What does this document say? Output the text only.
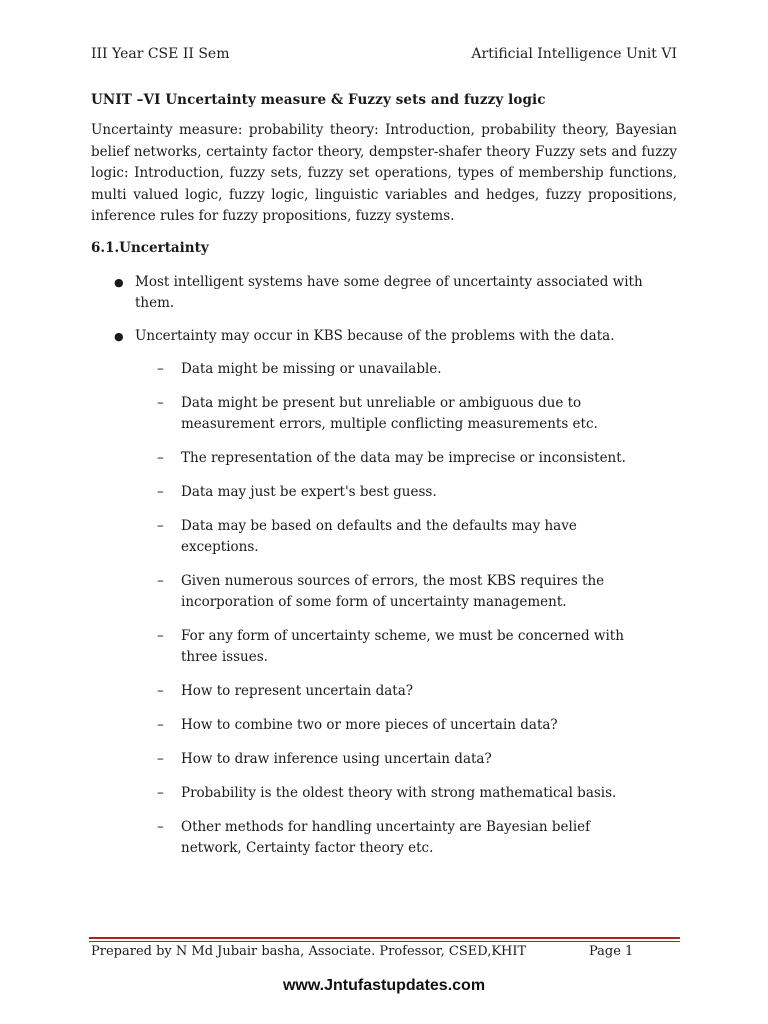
III Year CSE II Sem	Artificial Intelligence Unit VI
UNIT –VI Uncertainty measure & Fuzzy sets and fuzzy logic

Uncertainty measure: probability theory: Introduction, probability theory, Bayesian belief networks, certainty factor theory, dempster-shafer theory Fuzzy sets and fuzzy logic: Introduction, fuzzy sets, fuzzy set operations, types of membership functions, multi valued logic, fuzzy logic, linguistic variables and hedges, fuzzy propositions, inference rules for fuzzy propositions, fuzzy systems.

6.1.Uncertainty
● Most intelligent systems have some degree of uncertainty associated with them.
● Uncertainty may occur in KBS because of the problems with the data.
– Data might be missing or unavailable.
– Data might be present but unreliable or ambiguous due to measurement errors, multiple conflicting measurements etc.
– The representation of the data may be imprecise or inconsistent.
– Data may just be expert's best guess.
– Data may be based on defaults and the defaults may have exceptions.
– Given numerous sources of errors, the most KBS requires the incorporation of some form of uncertainty management.
– For any form of uncertainty scheme, we must be concerned with three issues.
– How to represent uncertain data?
– How to combine two or more pieces of uncertain data?
– How to draw inference using uncertain data?
– Probability is the oldest theory with strong mathematical basis.
– Other methods for handling uncertainty are Bayesian belief network, Certainty factor theory etc.
Prepared by N Md Jubair basha, Associate. Professor, CSED,KHIT	Page 1
www.Jntufastupdates.com
